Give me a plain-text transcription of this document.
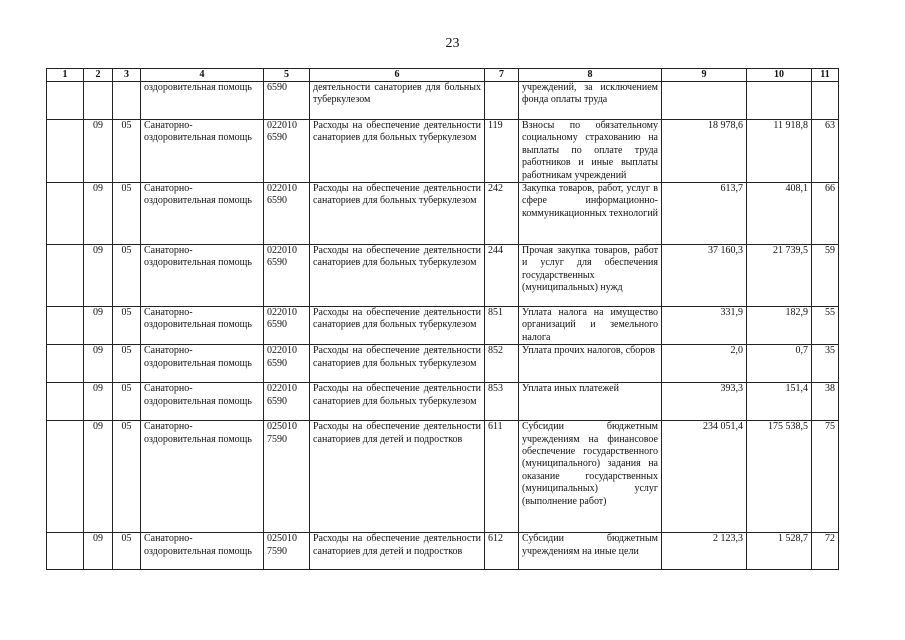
23
1	2	3	4	5	6	7	8	9	10	11
			оздоровительная помощь	6590	деятельности санаториев для больных туберкулезом		учреждений, за исключением фонда оплаты труда			
	09	05	Санаторно-оздоровительная помощь	022010 6590	Расходы на обеспечение деятельности санаториев для больных туберкулезом	119	Взносы по обязательному социальному страхованию на выплаты по оплате труда работников и иные выплаты работникам учреждений	18 978,6	11 918,8	63
	09	05	Санаторно-оздоровительная помощь	022010 6590	Расходы на обеспечение деятельности санаториев для больных туберкулезом	242	Закупка товаров, работ, услуг в сфере информационно-коммуникационных технологий	613,7	408,1	66
	09	05	Санаторно-оздоровительная помощь	022010 6590	Расходы на обеспечение деятельности санаториев для больных туберкулезом	244	Прочая закупка товаров, работ и услуг для обеспечения государственных (муниципальных) нужд	37 160,3	21 739,5	59
	09	05	Санаторно-оздоровительная помощь	022010 6590	Расходы на обеспечение деятельности санаториев для больных туберкулезом	851	Уплата налога на имущество организаций и земельного налога	331,9	182,9	55
	09	05	Санаторно-оздоровительная помощь	022010 6590	Расходы на обеспечение деятельности санаториев для больных туберкулезом	852	Уплата прочих налогов, сборов	2,0	0,7	35
	09	05	Санаторно-оздоровительная помощь	022010 6590	Расходы на обеспечение деятельности санаториев для больных туберкулезом	853	Уплата иных платежей	393,3	151,4	38
	09	05	Санаторно-оздоровительная помощь	025010 7590	Расходы на обеспечение деятельности санаториев для детей и подростков	611	Субсидии бюджетным учреждениям на финансовое обеспечение государственного (муниципального) задания на оказание государственных (муниципальных) услуг (выполнение работ)	234 051,4	175 538,5	75
	09	05	Санаторно-оздоровительная помощь	025010 7590	Расходы на обеспечение деятельности санаториев для детей и подростков	612	Субсидии бюджетным учреждениям на иные цели	2 123,3	1 528,7	72
